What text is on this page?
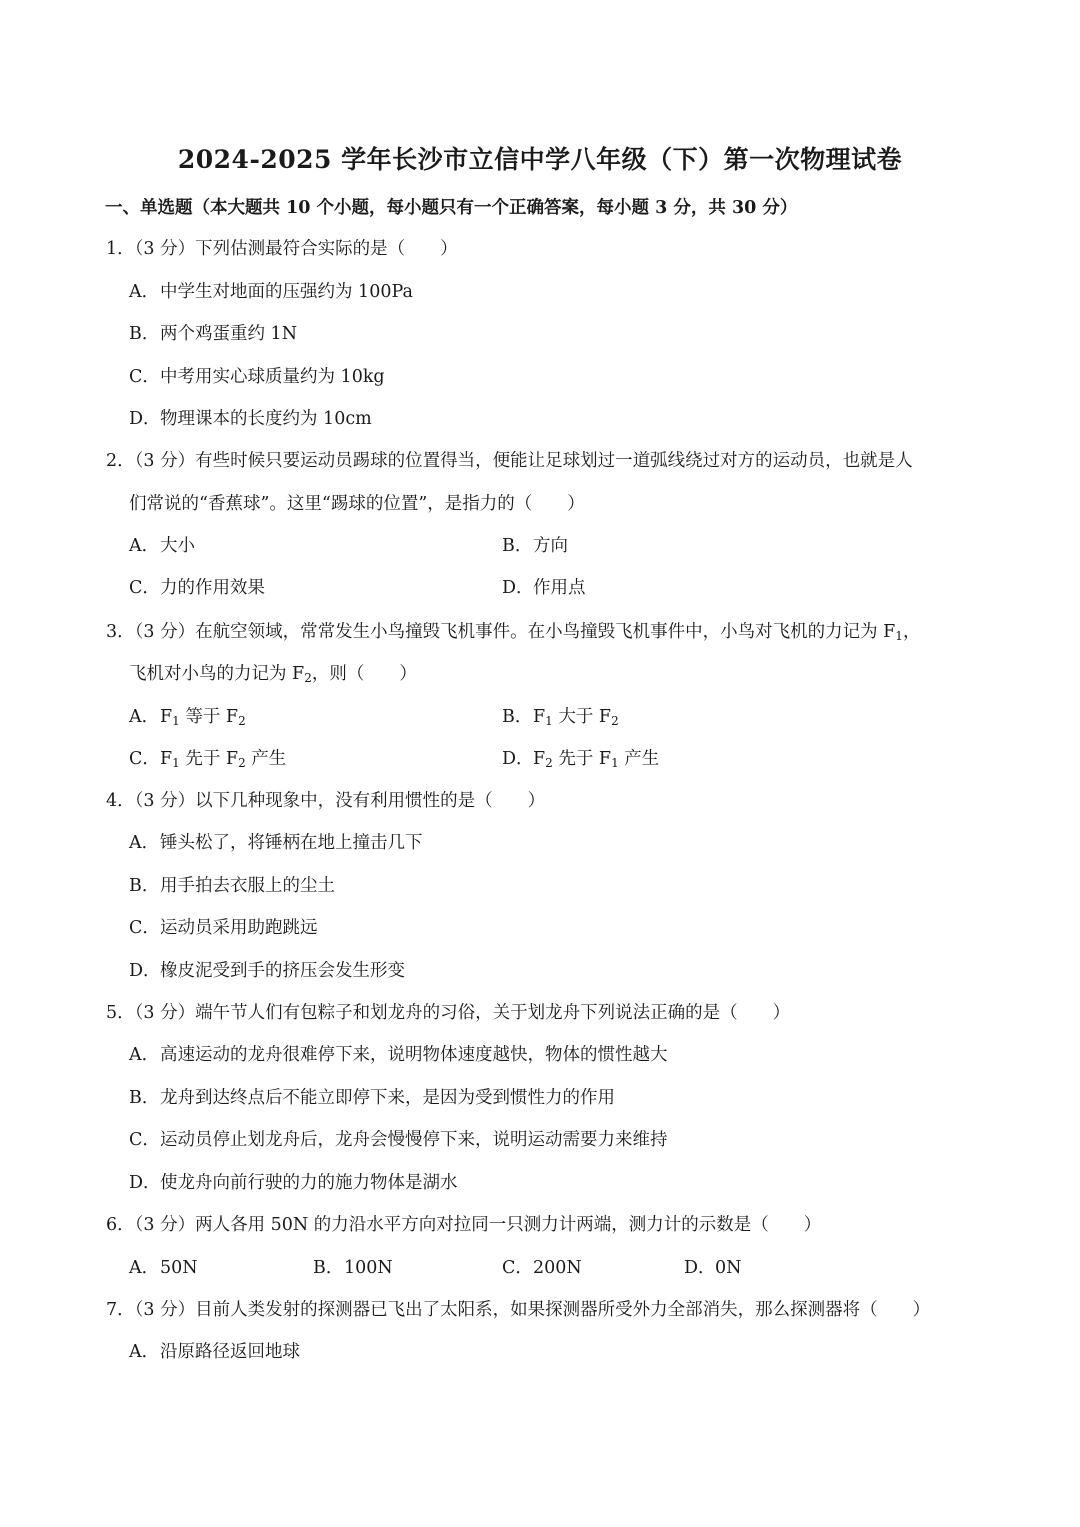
2024-2025 学年长沙市立信中学八年级（下）第一次物理试卷
一、单选题（本大题共 10 个小题，每小题只有一个正确答案，每小题 3 分，共 30 分）
1．（3 分）下列估测最符合实际的是（　　）
A．中学生对地面的压强约为 100Pa
B．两个鸡蛋重约 1N
C．中考用实心球质量约为 10kg
D．物理课本的长度约为 10cm
2．（3 分）有些时候只要运动员踢球的位置得当，便能让足球划过一道弧线绕过对方的运动员，也就是人
们常说的“香蕉球”。这里“踢球的位置”，是指力的（　　）
A．大小	B．方向
C．力的作用效果	D．作用点
3．（3 分）在航空领域，常常发生小鸟撞毁飞机事件。在小鸟撞毁飞机事件中，小鸟对飞机的力记为 $F_1$，
飞机对小鸟的力记为 $F_2$，则（　　）
A．$F_1$ 等于 $F_2$	B．$F_1$ 大于 $F_2$
C．$F_1$ 先于 $F_2$ 产生	D．$F_2$ 先于 $F_1$ 产生
4．（3 分）以下几种现象中，没有利用惯性的是（　　）
A．锤头松了，将锤柄在地上撞击几下
B．用手拍去衣服上的尘土
C．运动员采用助跑跳远
D．橡皮泥受到手的挤压会发生形变
5．（3 分）端午节人们有包粽子和划龙舟的习俗，关于划龙舟下列说法正确的是（　　）
A．高速运动的龙舟很难停下来，说明物体速度越快，物体的惯性越大
B．龙舟到达终点后不能立即停下来，是因为受到惯性力的作用
C．运动员停止划龙舟后，龙舟会慢慢停下来，说明运动需要力来维持
D．使龙舟向前行驶的力的施力物体是湖水
6．（3 分）两人各用 50N 的力沿水平方向对拉同一只测力计两端，测力计的示数是（　　）
A．50N	B．100N	C．200N	D．0N
7．（3 分）目前人类发射的探测器已飞出了太阳系，如果探测器所受外力全部消失，那么探测器将（　　）
A．沿原路径返回地球
